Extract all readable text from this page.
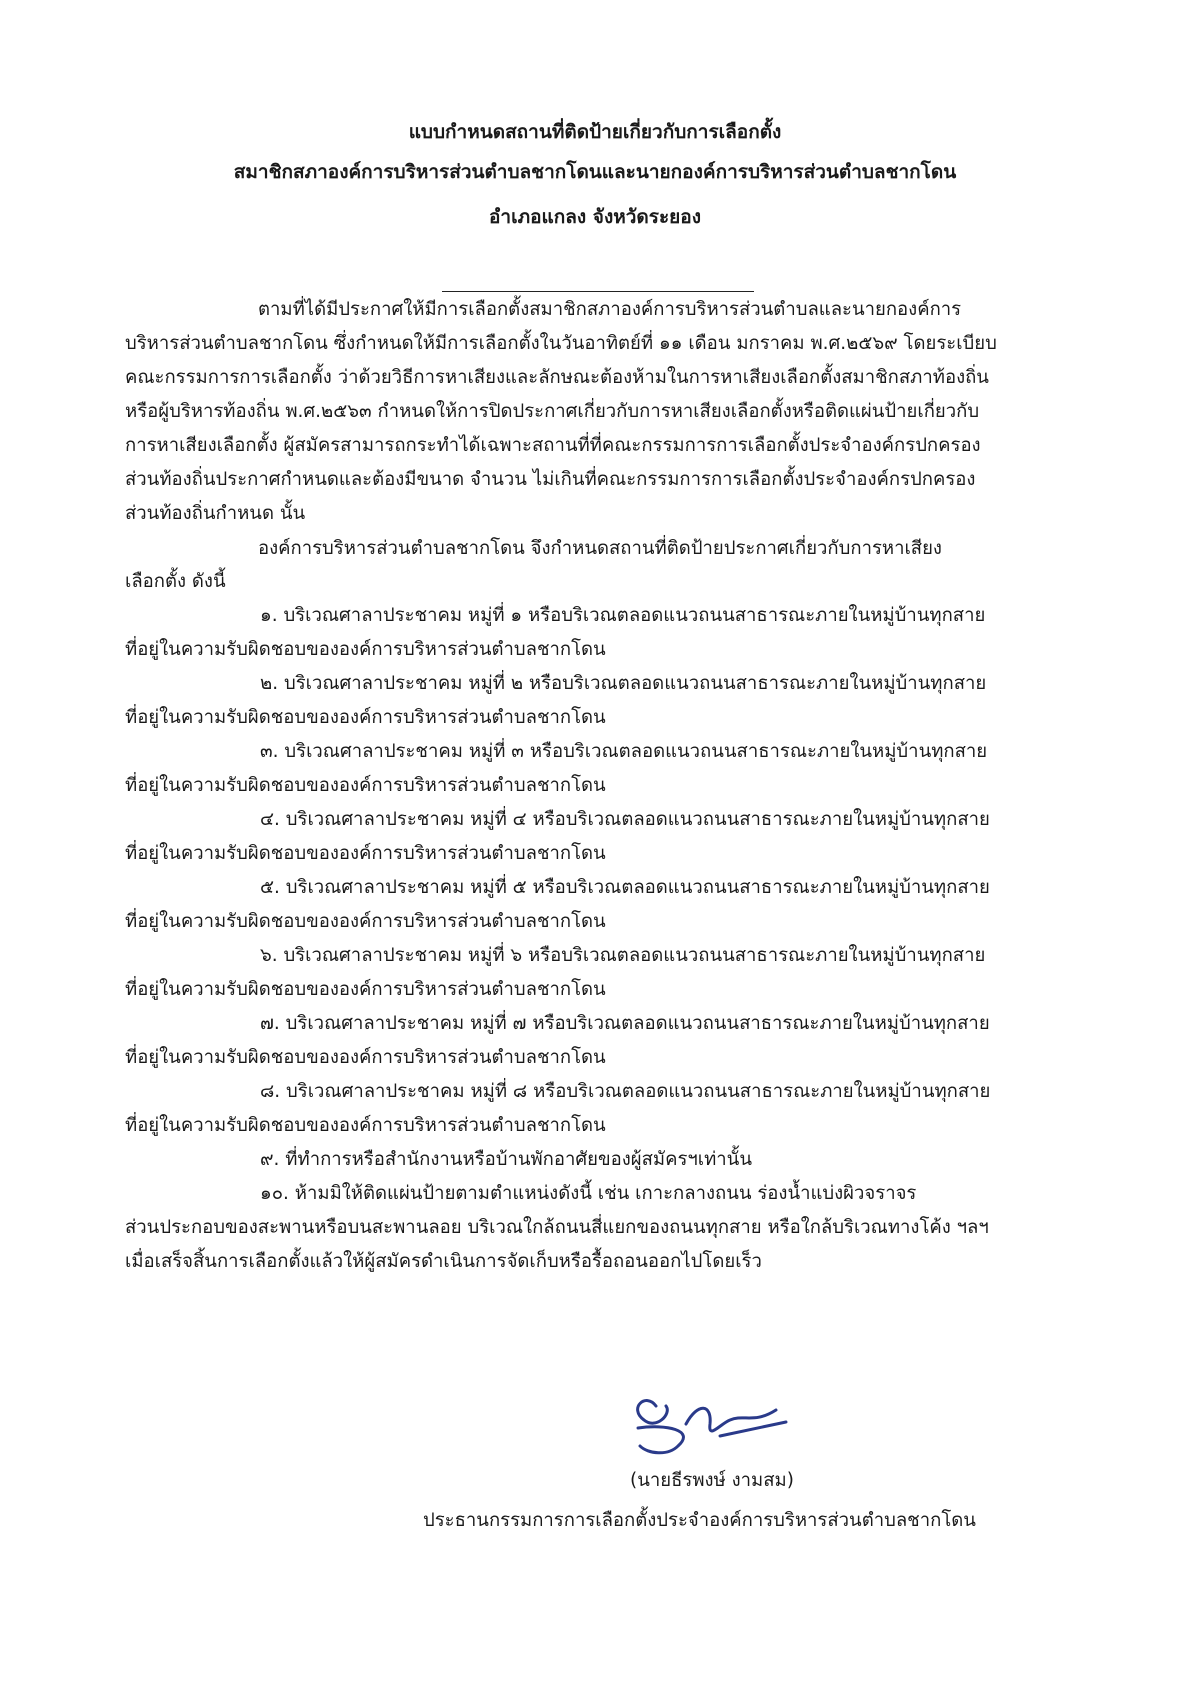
แบบกำหนดสถานที่ติดป้ายเกี่ยวกับการเลือกตั้ง
สมาชิกสภาองค์การบริหารส่วนตำบลชากโดนและนายกองค์การบริหารส่วนตำบลชากโดน
อำเภอแกลง จังหวัดระยอง
ตามที่ได้มีประกาศให้มีการเลือกตั้งสมาชิกสภาองค์การบริหารส่วนตำบลและนายกองค์การ
บริหารส่วนตำบลชากโดน ซึ่งกำหนดให้มีการเลือกตั้งในวันอาทิตย์ที่ ๑๑ เดือน มกราคม พ.ศ.๒๕๖๙ โดยระเบียบ
คณะกรรมการการเลือกตั้ง ว่าด้วยวิธีการหาเสียงและลักษณะต้องห้ามในการหาเสียงเลือกตั้งสมาชิกสภาท้องถิ่น
หรือผู้บริหารท้องถิ่น พ.ศ.๒๕๖๓ กำหนดให้การปิดประกาศเกี่ยวกับการหาเสียงเลือกตั้งหรือติดแผ่นป้ายเกี่ยวกับ
การหาเสียงเลือกตั้ง ผู้สมัครสามารถกระทำได้เฉพาะสถานที่ที่คณะกรรมการการเลือกตั้งประจำองค์กรปกครอง
ส่วนท้องถิ่นประกาศกำหนดและต้องมีขนาด จำนวน ไม่เกินที่คณะกรรมการการเลือกตั้งประจำองค์กรปกครอง
ส่วนท้องถิ่นกำหนด นั้น
องค์การบริหารส่วนตำบลชากโดน จึงกำหนดสถานที่ติดป้ายประกาศเกี่ยวกับการหาเสียง
เลือกตั้ง ดังนี้
๑. บริเวณศาลาประชาคม หมู่ที่ ๑ หรือบริเวณตลอดแนวถนนสาธารณะภายในหมู่บ้านทุกสาย
ที่อยู่ในความรับผิดชอบขององค์การบริหารส่วนตำบลชากโดน
๒. บริเวณศาลาประชาคม หมู่ที่ ๒ หรือบริเวณตลอดแนวถนนสาธารณะภายในหมู่บ้านทุกสาย
ที่อยู่ในความรับผิดชอบขององค์การบริหารส่วนตำบลชากโดน
๓. บริเวณศาลาประชาคม หมู่ที่ ๓ หรือบริเวณตลอดแนวถนนสาธารณะภายในหมู่บ้านทุกสาย
ที่อยู่ในความรับผิดชอบขององค์การบริหารส่วนตำบลชากโดน
๔. บริเวณศาลาประชาคม หมู่ที่ ๔ หรือบริเวณตลอดแนวถนนสาธารณะภายในหมู่บ้านทุกสาย
ที่อยู่ในความรับผิดชอบขององค์การบริหารส่วนตำบลชากโดน
๕. บริเวณศาลาประชาคม หมู่ที่ ๕ หรือบริเวณตลอดแนวถนนสาธารณะภายในหมู่บ้านทุกสาย
ที่อยู่ในความรับผิดชอบขององค์การบริหารส่วนตำบลชากโดน
๖. บริเวณศาลาประชาคม หมู่ที่ ๖ หรือบริเวณตลอดแนวถนนสาธารณะภายในหมู่บ้านทุกสาย
ที่อยู่ในความรับผิดชอบขององค์การบริหารส่วนตำบลชากโดน
๗. บริเวณศาลาประชาคม หมู่ที่ ๗ หรือบริเวณตลอดแนวถนนสาธารณะภายในหมู่บ้านทุกสาย
ที่อยู่ในความรับผิดชอบขององค์การบริหารส่วนตำบลชากโดน
๘. บริเวณศาลาประชาคม หมู่ที่ ๘ หรือบริเวณตลอดแนวถนนสาธารณะภายในหมู่บ้านทุกสาย
ที่อยู่ในความรับผิดชอบขององค์การบริหารส่วนตำบลชากโดน
๙. ที่ทำการหรือสำนักงานหรือบ้านพักอาศัยของผู้สมัครฯเท่านั้น
๑๐. ห้ามมิให้ติดแผ่นป้ายตามตำแหน่งดังนี้ เช่น เกาะกลางถนน ร่องน้ำแบ่งผิวจราจร
ส่วนประกอบของสะพานหรือบนสะพานลอย บริเวณใกล้ถนนสี่แยกของถนนทุกสาย หรือใกล้บริเวณทางโค้ง ฯลฯ
เมื่อเสร็จสิ้นการเลือกตั้งแล้วให้ผู้สมัครดำเนินการจัดเก็บหรือรื้อถอนออกไปโดยเร็ว
(นายธีรพงษ์ งามสม)
ประธานกรรมการการเลือกตั้งประจำองค์การบริหารส่วนตำบลชากโดน
